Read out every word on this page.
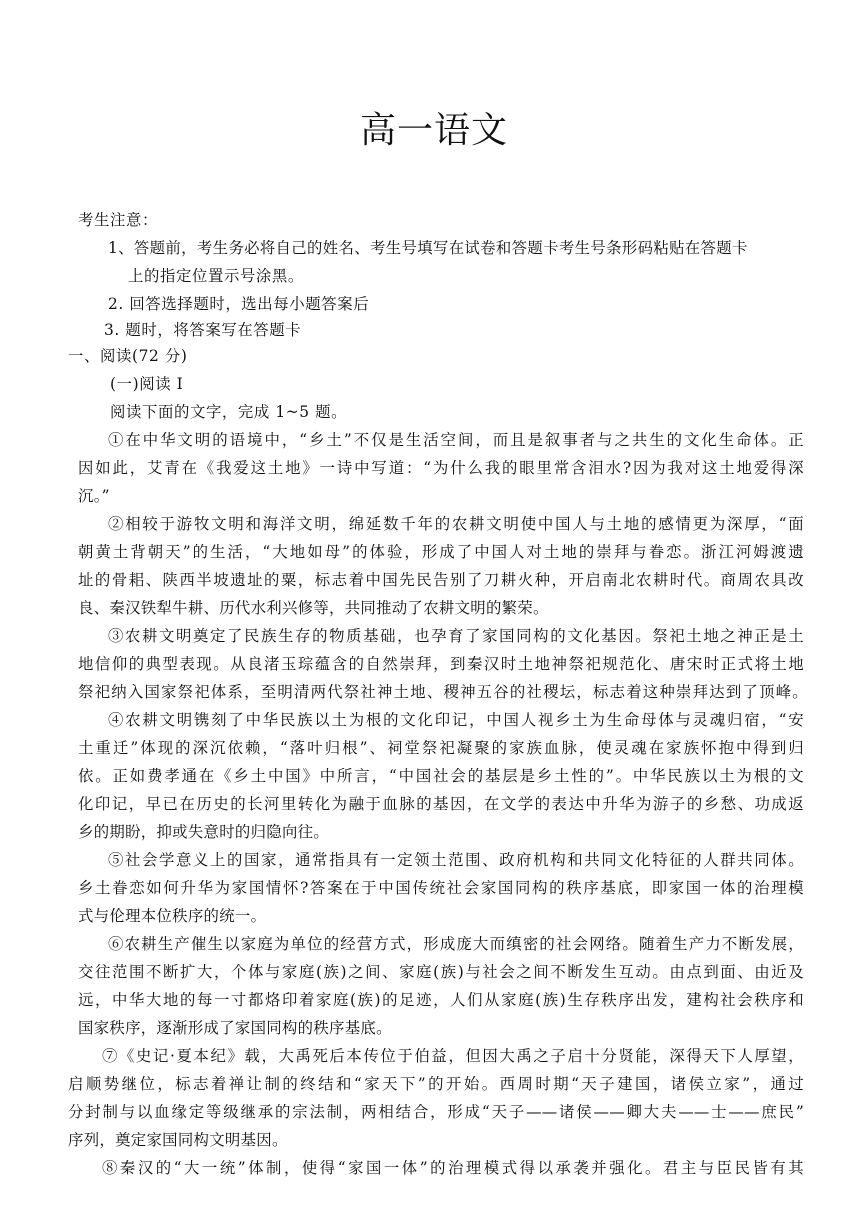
高一语文
考生注意：
1、答题前，考生务必将自己的姓名、考生号填写在试卷和答题卡考生号条形码粘贴在答题卡
上的指定位置示号涂黑。
2. 回答选择题时，选出每小题答案后
3. 题时，将答案写在答题卡
一、阅读(72 分)
(一)阅读 I
阅读下面的文字，完成 1~5 题。
①在中华文明的语境中，“乡土”不仅是生活空间，而且是叙事者与之共生的文化生命体。正
因如此，艾青在《我爱这土地》一诗中写道：“为什么我的眼里常含泪水?因为我对这土地爱得深
沉。”
②相较于游牧文明和海洋文明，绵延数千年的农耕文明使中国人与土地的感情更为深厚，“面
朝黄土背朝天”的生活，“大地如母”的体验，形成了中国人对土地的崇拜与眷恋。浙江河姆渡遗
址的骨耜、陕西半坡遗址的粟，标志着中国先民告别了刀耕火种，开启南北农耕时代。商周农具改
良、秦汉铁犁牛耕、历代水利兴修等，共同推动了农耕文明的繁荣。
③农耕文明奠定了民族生存的物质基础，也孕育了家国同构的文化基因。祭祀土地之神正是土
地信仰的典型表现。从良渚玉琮蕴含的自然崇拜，到秦汉时土地神祭祀规范化、唐宋时正式将土地
祭祀纳入国家祭祀体系，至明清两代祭社神土地、稷神五谷的社稷坛，标志着这种崇拜达到了顶峰。
④农耕文明镌刻了中华民族以土为根的文化印记，中国人视乡土为生命母体与灵魂归宿，“安
土重迁”体现的深沉依赖，“落叶归根”、祠堂祭祀凝聚的家族血脉，使灵魂在家族怀抱中得到归
依。正如费孝通在《乡土中国》中所言，“中国社会的基层是乡土性的”。中华民族以土为根的文
化印记，早已在历史的长河里转化为融于血脉的基因，在文学的表达中升华为游子的乡愁、功成返
乡的期盼，抑或失意时的归隐向往。
⑤社会学意义上的国家，通常指具有一定领土范围、政府机构和共同文化特征的人群共同体。
乡土眷恋如何升华为家国情怀?答案在于中国传统社会家国同构的秩序基底，即家国一体的治理模
式与伦理本位秩序的统一。
⑥农耕生产催生以家庭为单位的经营方式，形成庞大而缜密的社会网络。随着生产力不断发展，
交往范围不断扩大，个体与家庭(族)之间、家庭(族)与社会之间不断发生互动。由点到面、由近及
远，中华大地的每一寸都烙印着家庭(族)的足迹，人们从家庭(族)生存秩序出发，建构社会秩序和
国家秩序，逐渐形成了家国同构的秩序基底。
⑦《史记·夏本纪》载，大禹死后本传位于伯益，但因大禹之子启十分贤能，深得天下人厚望，
启顺势继位，标志着禅让制的终结和“家天下”的开始。西周时期“天子建国，诸侯立家”，通过
分封制与以血缘定等级继承的宗法制，两相结合，形成“天子——诸侯——卿大夫——士——庶民”
序列，奠定家国同构文明基因。
⑧秦汉的“大一统”体制，使得“家国一体”的治理模式得以承袭并强化。君主与臣民皆有其
